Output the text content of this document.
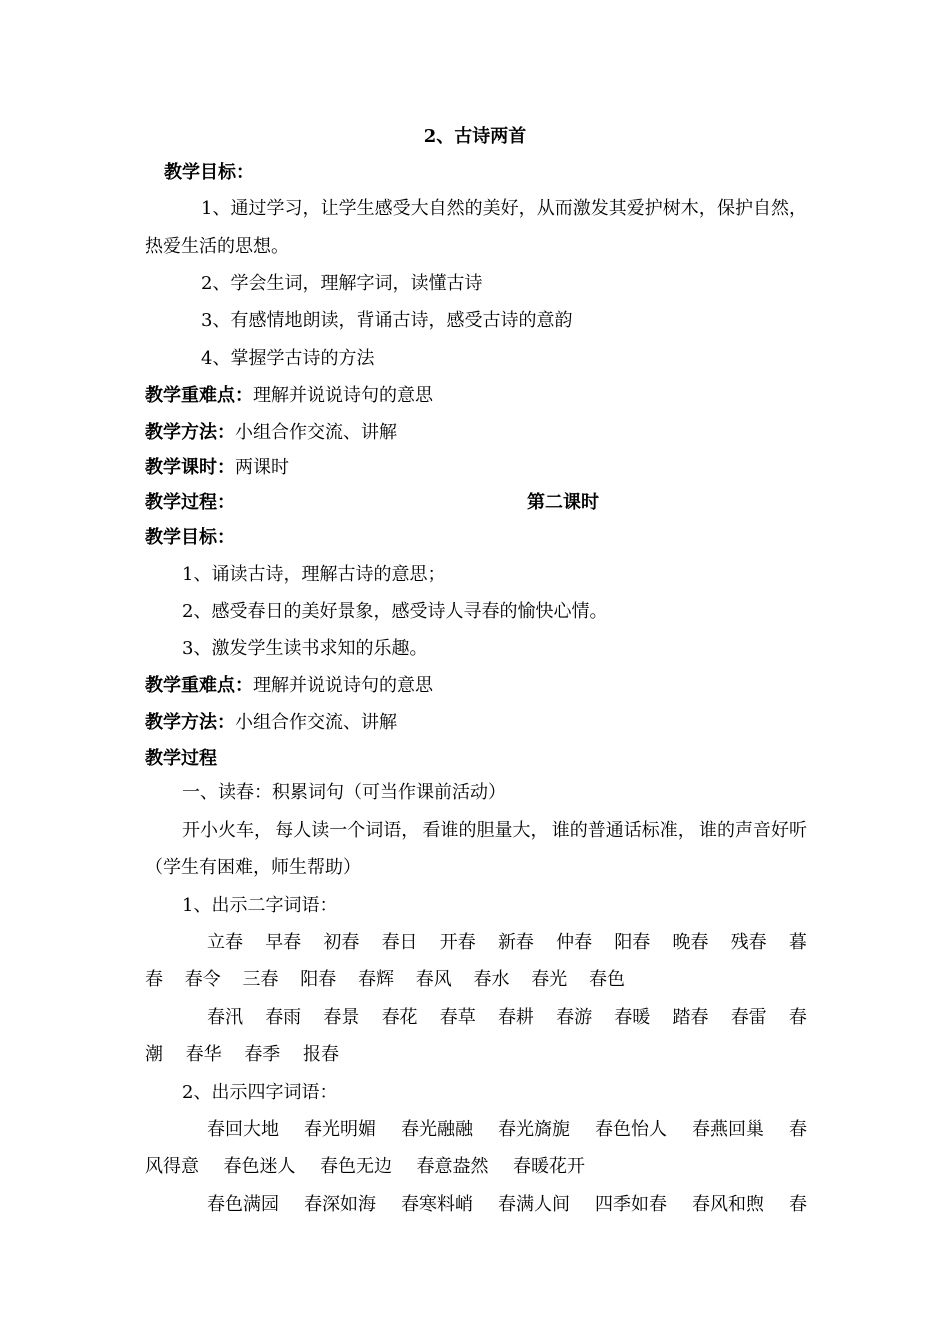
2、古诗两首
教学目标：
1、通过学习， 让学生感受大自然的美好， 从而激发其爱护树木， 保护自然，
热爱生活的思想。
2、学会生词，理解字词，读懂古诗
3、有感情地朗读，背诵古诗，感受古诗的意韵
4、掌握学古诗的方法
教学重难点：理解并说说诗句的意思
教学方法：小组合作交流、讲解
教学课时：两课时
教学过程：	第二课时
教学目标：
1、诵读古诗，理解古诗的意思；
2、感受春日的美好景象，感受诗人寻春的愉快心情。
3、激发学生读书求知的乐趣。
教学重难点：理解并说说诗句的意思
教学方法：小组合作交流、讲解
教学过程
一、读春：积累词句（可当作课前活动）
开小火车， 每人读一个词语， 看谁的胆量大， 谁的普通话标准， 谁的声音好听
（学生有困难，师生帮助）
1、出示二字词语：
立春 早春 初春 春日 开春 新春 仲春 阳春 晚春 残春 暮
春 春令 三春 阳春 春辉 春风 春水 春光 春色
春汛 春雨 春景 春花 春草 春耕 春游 春暖 踏春 春雷 春
潮 春华 春季 报春
2、出示四字词语：
春回大地 春光明媚 春光融融 春光旖旎 春色怡人 春燕回巢 春
风得意 春色迷人 春色无边 春意盎然 春暖花开
春色满园 春深如海 春寒料峭 春满人间 四季如春 春风和煦 春
